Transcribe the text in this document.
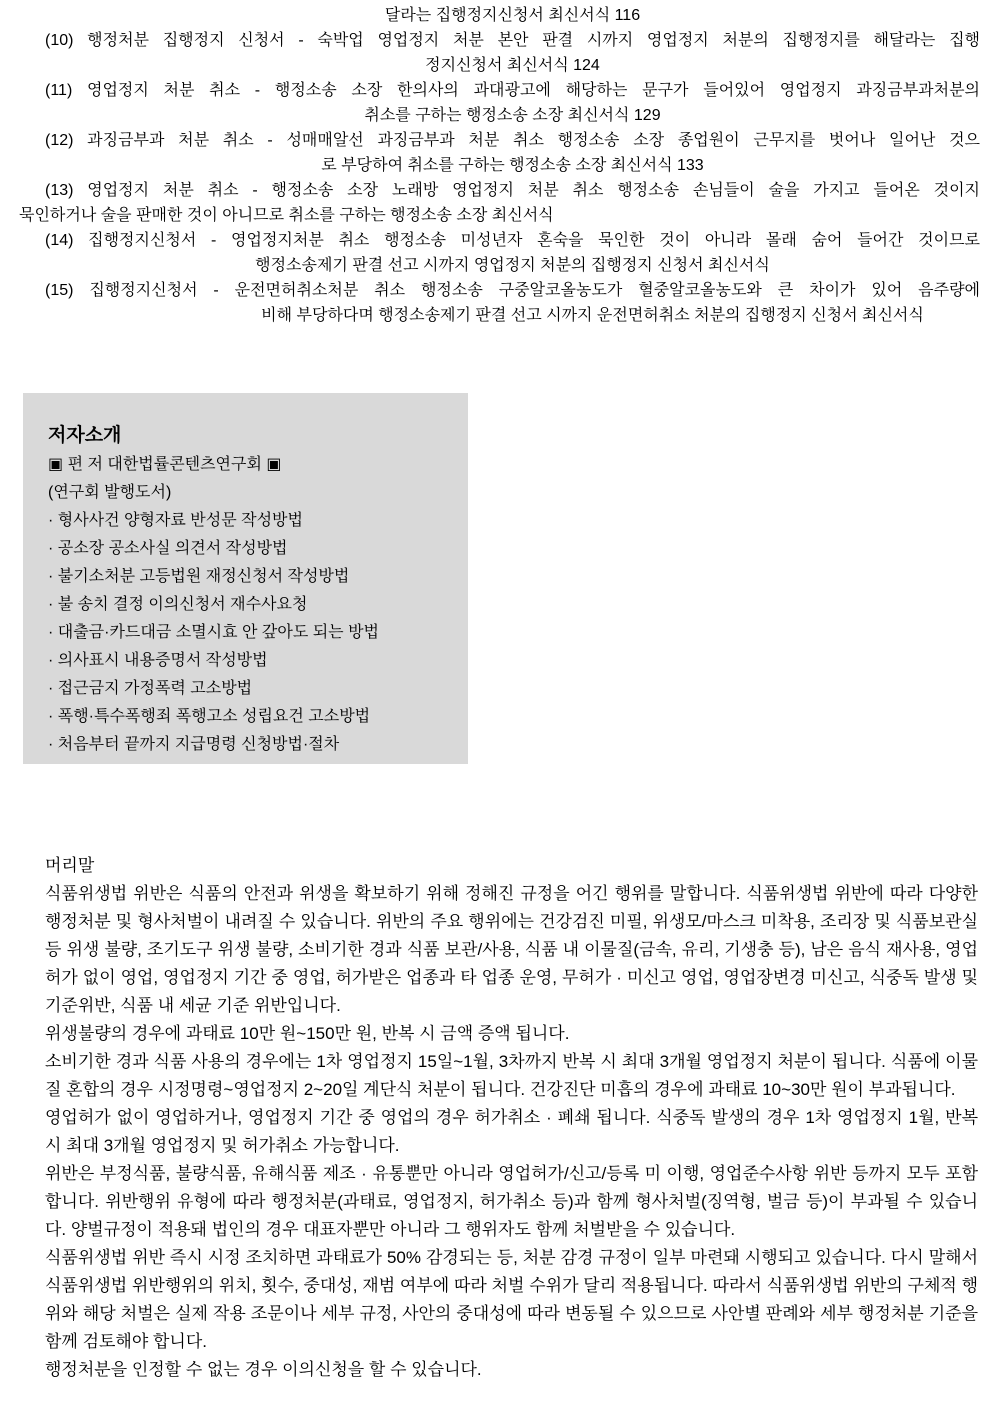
달라는 집행정지신청서 최신서식 116
(10) 행정처분 집행정지 신청서 - 숙박업 영업정지 처분 본안 판결 시까지 영업정지 처분의 집행정지를 해달라는 집행
정지신청서 최신서식 124
(11) 영업정지 처분 취소 - 행정소송 소장 한의사의 과대광고에 해당하는 문구가 들어있어 영업정지 과징금부과처분의
취소를 구하는 행정소송 소장 최신서식 129
(12) 과징금부과 처분 취소 - 성매매알선 과징금부과 처분 취소 행정소송 소장 종업원이 근무지를 벗어나 일어난 것으
로 부당하여 취소를 구하는 행정소송 소장 최신서식 133
(13) 영업정지 처분 취소 - 행정소송 소장 노래방 영업정지 처분 취소 행정소송 손님들이 술을 가지고 들어온 것이지
묵인하거나 술을 판매한 것이 아니므로 취소를 구하는 행정소송 소장 최신서식
(14) 집행정지신청서 - 영업정지처분 취소 행정소송 미성년자 혼숙을 묵인한 것이 아니라 몰래 숨어 들어간 것이므로
행정소송제기 판결 선고 시까지 영업정지 처분의 집행정지 신청서 최신서식
(15) 집행정지신청서 - 운전면허취소처분 취소 행정소송 구중알코올농도가 혈중알코올농도와 큰 차이가 있어 음주량에
비해 부당하다며 행정소송제기 판결 선고 시까지 운전면허취소 처분의 집행정지 신청서 최신서식
저자소개
▣ 편 저 대한법률콘텐츠연구회 ▣
(연구회 발행도서)
· 형사사건 양형자료 반성문 작성방법
· 공소장 공소사실 의견서 작성방법
· 불기소처분 고등법원 재정신청서 작성방법
· 불 송치 결정 이의신청서 재수사요청
· 대출금·카드대금 소멸시효 안 갚아도 되는 방법
· 의사표시 내용증명서 작성방법
· 접근금지 가정폭력 고소방법
· 폭행·특수폭행죄 폭행고소 성립요건 고소방법
· 처음부터 끝까지 지급명령 신청방법·절차
머리말

식품위생법 위반은 식품의 안전과 위생을 확보하기 위해 정해진 규정을 어긴 행위를 말합니다. 식품위생법 위반에 따라 다양한 행정처분 및 형사처벌이 내려질 수 있습니다. 위반의 주요 행위에는 건강검진 미필, 위생모/마스크 미착용, 조리장 및 식품보관실 등 위생 불량, 조기도구 위생 불량, 소비기한 경과 식품 보관/사용, 식품 내 이물질(금속, 유리, 기생충 등), 남은 음식 재사용, 영업허가 없이 영업, 영업정지 기간 중 영업, 허가받은 업종과 타 업종 운영, 무허가 · 미신고 영업, 영업장변경 미신고, 식중독 발생 및 기준위반, 식품 내 세균 기준 위반입니다.

위생불량의 경우에 과태료 10만 원~150만 원, 반복 시 금액 증액 됩니다.

소비기한 경과 식품 사용의 경우에는 1차 영업정지 15일~1월, 3차까지 반복 시 최대 3개월 영업정지 처분이 됩니다. 식품에 이물질 혼합의 경우 시정명령~영업정지 2~20일 계단식 처분이 됩니다. 건강진단 미흡의 경우에 과태료 10~30만 원이 부과됩니다.

영업허가 없이 영업하거나, 영업정지 기간 중 영업의 경우 허가취소 · 폐쇄 됩니다. 식중독 발생의 경우 1차 영업정지 1월, 반복 시 최대 3개월 영업정지 및 허가취소 가능합니다.

위반은 부정식품, 불량식품, 유해식품 제조 · 유통뿐만 아니라 영업허가/신고/등록 미 이행, 영업준수사항 위반 등까지 모두 포함합니다. 위반행위 유형에 따라 행정처분(과태료, 영업정지, 허가취소 등)과 함께 형사처벌(징역형, 벌금 등)이 부과될 수 있습니다. 양벌규정이 적용돼 법인의 경우 대표자뿐만 아니라 그 행위자도 함께 처벌받을 수 있습니다.

식품위생법 위반 즉시 시정 조치하면 과태료가 50% 감경되는 등, 처분 감경 규정이 일부 마련돼 시행되고 있습니다. 다시 말해서 식품위생법 위반행위의 위치, 횟수, 중대성, 재범 여부에 따라 처벌 수위가 달리 적용됩니다. 따라서 식품위생법 위반의 구체적 행위와 해당 처벌은 실제 작용 조문이나 세부 규정, 사안의 중대성에 따라 변동될 수 있으므로 사안별 판례와 세부 행정처분 기준을 함께 검토해야 합니다.

행정처분을 인정할 수 없는 경우 이의신청을 할 수 있습니다.
